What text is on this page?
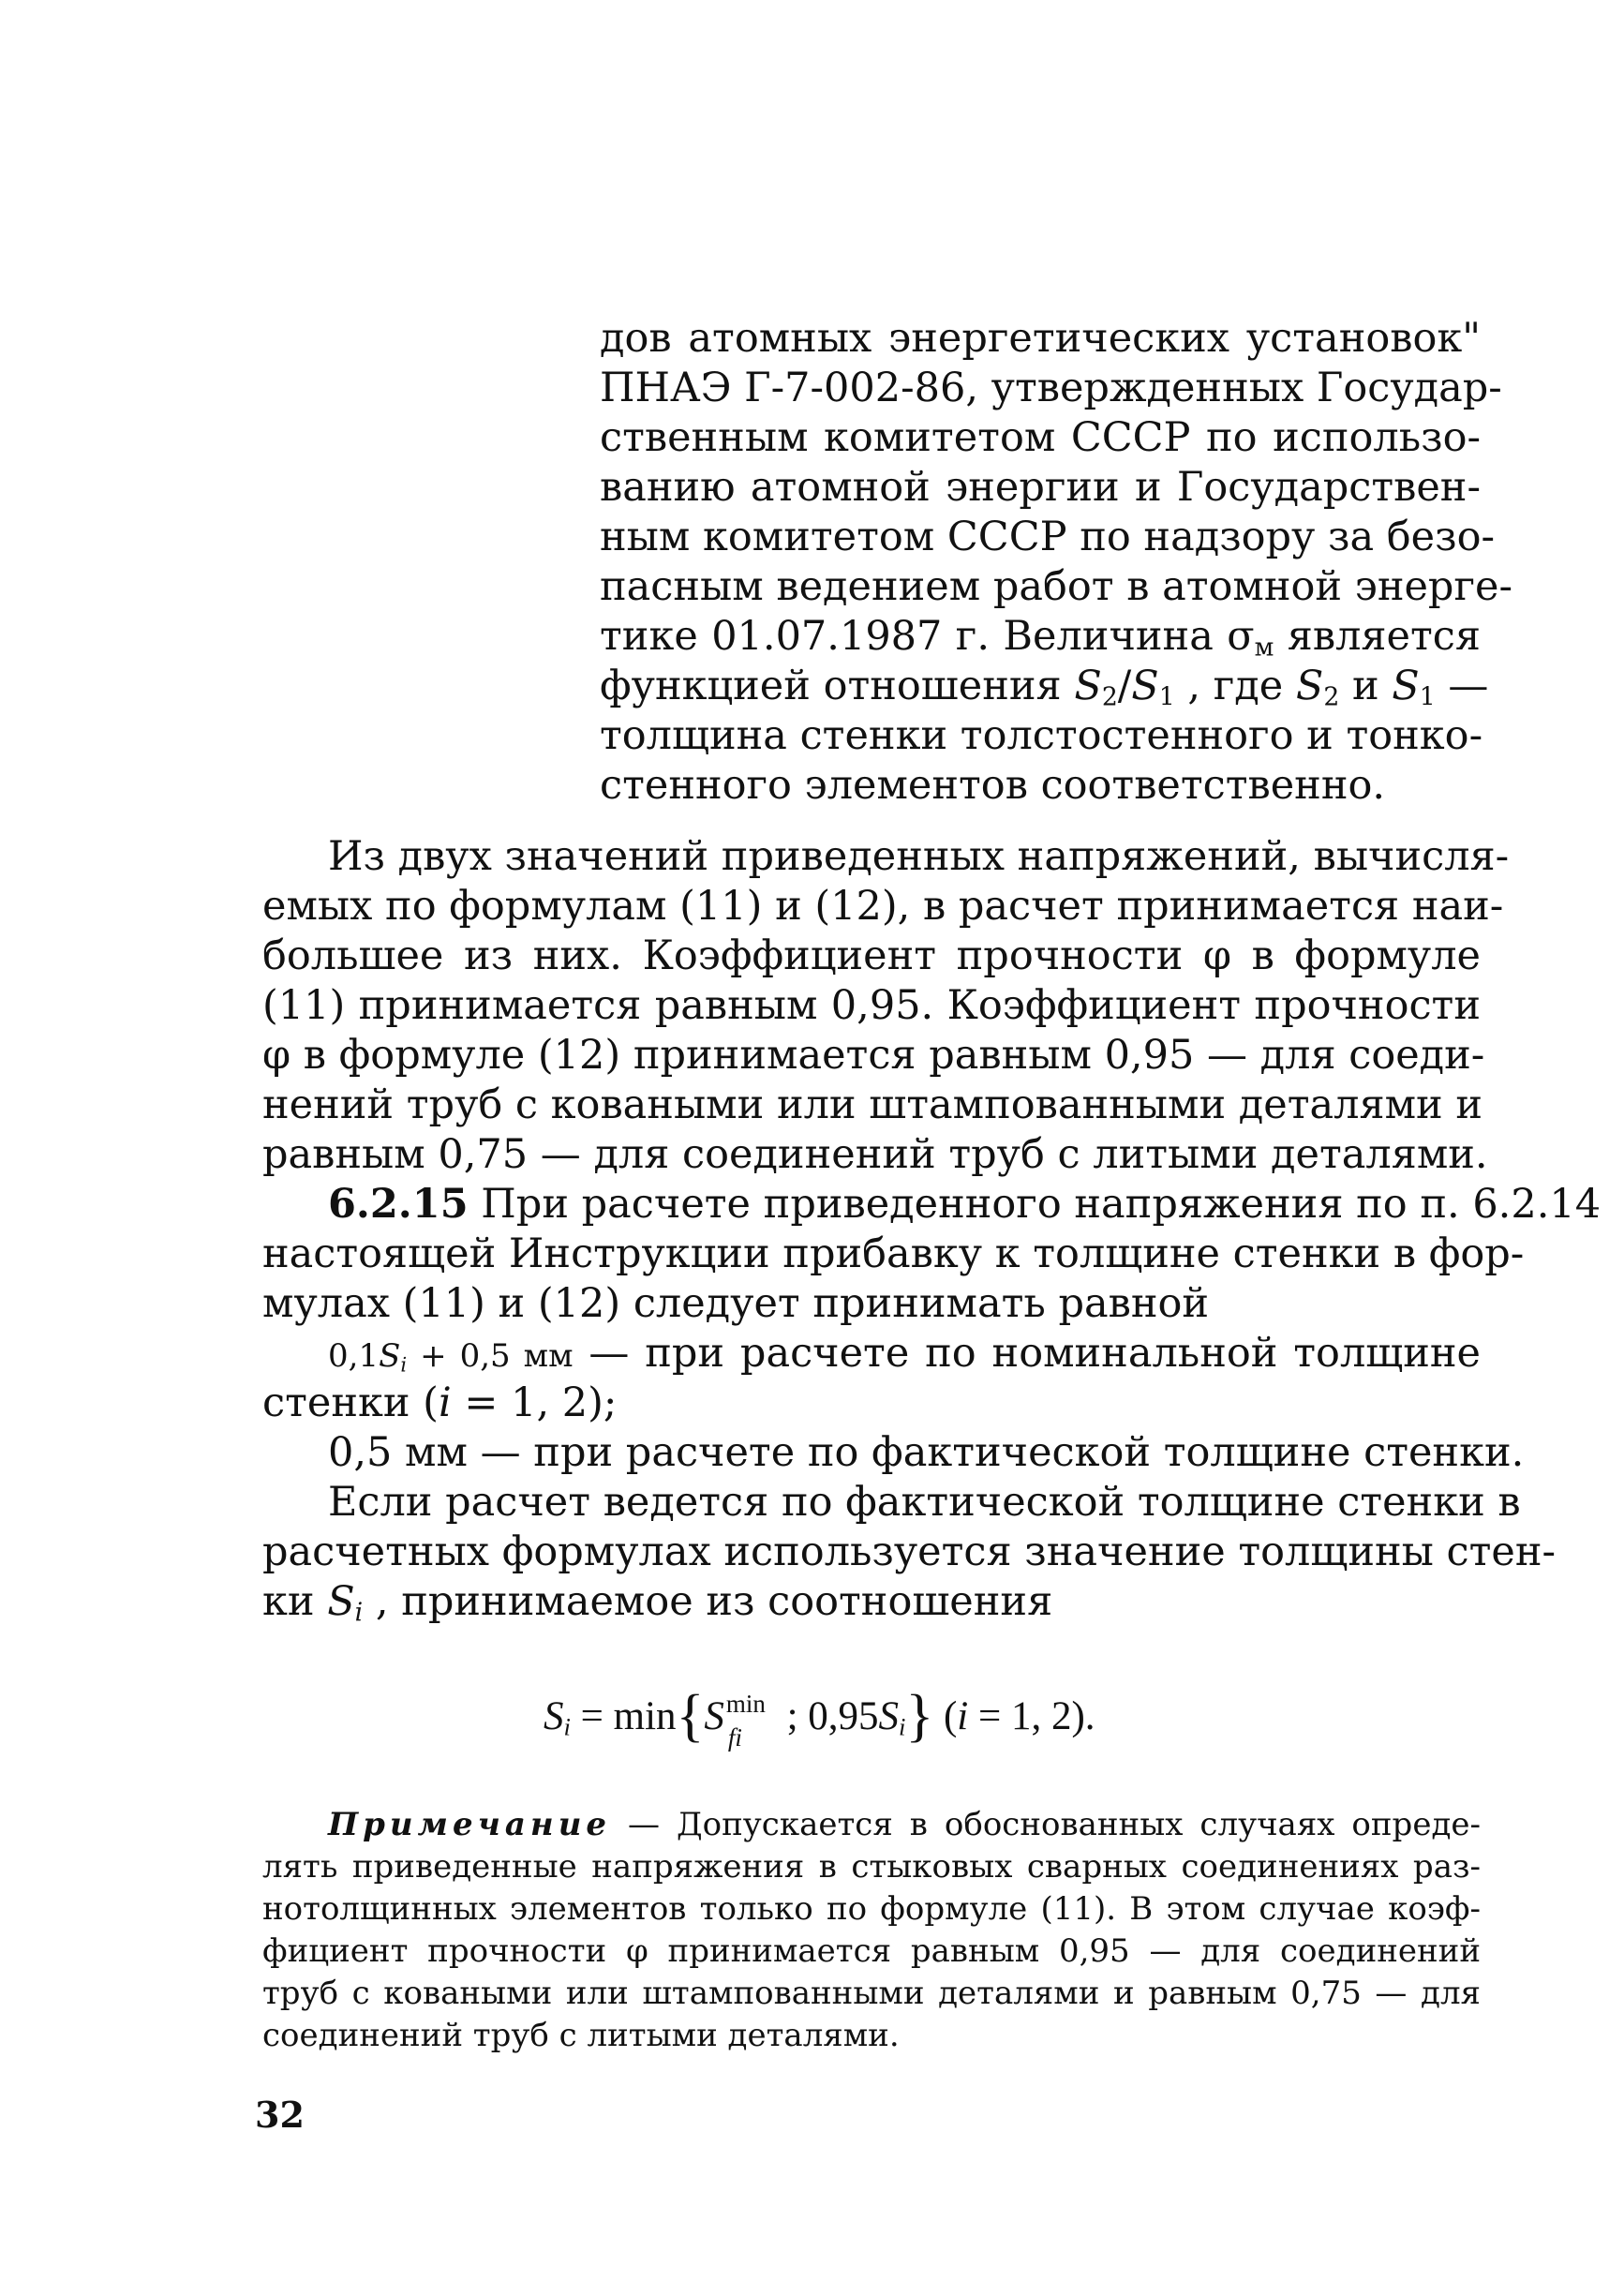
дов атомных энергетических установок"
ПНАЭ Г-7-002-86, утвержденных Государ-
ственным комитетом СССР по использо-
ванию атомной энергии и Государствен-
ным комитетом СССР по надзору за безо-
пасным ведением работ в атомной энерге-
тике 01.07.1987 г. Величина $\sigma_м$ является
функцией отношения $S_2/S_1$ , где $S_2$ и $S_1$ —
толщина стенки толстостенного и тонко-
стенного элементов соответственно.
Из двух значений приведенных напряжений, вычисля-
емых по формулам (11) и (12), в расчет принимается наи-
большее из них. Коэффициент прочности φ в формуле
(11) принимается равным 0,95. Коэффициент прочности
φ в формуле (12) принимается равным 0,95 — для соеди-
нений труб с коваными или штампованными деталями и
равным 0,75 — для соединений труб с литыми деталями.
6.2.15 При расчете приведенного напряжения по п. 6.2.14
настоящей Инструкции прибавку к толщине стенки в фор-
мулах (11) и (12) следует принимать равной
$0,1S_i + 0,5$ мм — при расчете по номинальной толщине
стенки (i = 1, 2);
0,5 мм — при расчете по фактической толщине стенки.
Если расчет ведется по фактической толщине стенки в
расчетных формулах используется значение толщины стен-
ки $S_i$ , принимаемое из соотношения
$S_i = \min\{S$ min
fi ; $0,95S_i$} (i = 1, 2).
Примечание — Допускается в обоснованных случаях опреде-
лять приведенные напряжения в стыковых сварных соединениях раз-
нотолщинных элементов только по формуле (11). В этом случае коэф-
фициент прочности φ принимается равным 0,95 — для соединений
труб с коваными или штампованными деталями и равным 0,75 — для
соединений труб с литыми деталями.
32
